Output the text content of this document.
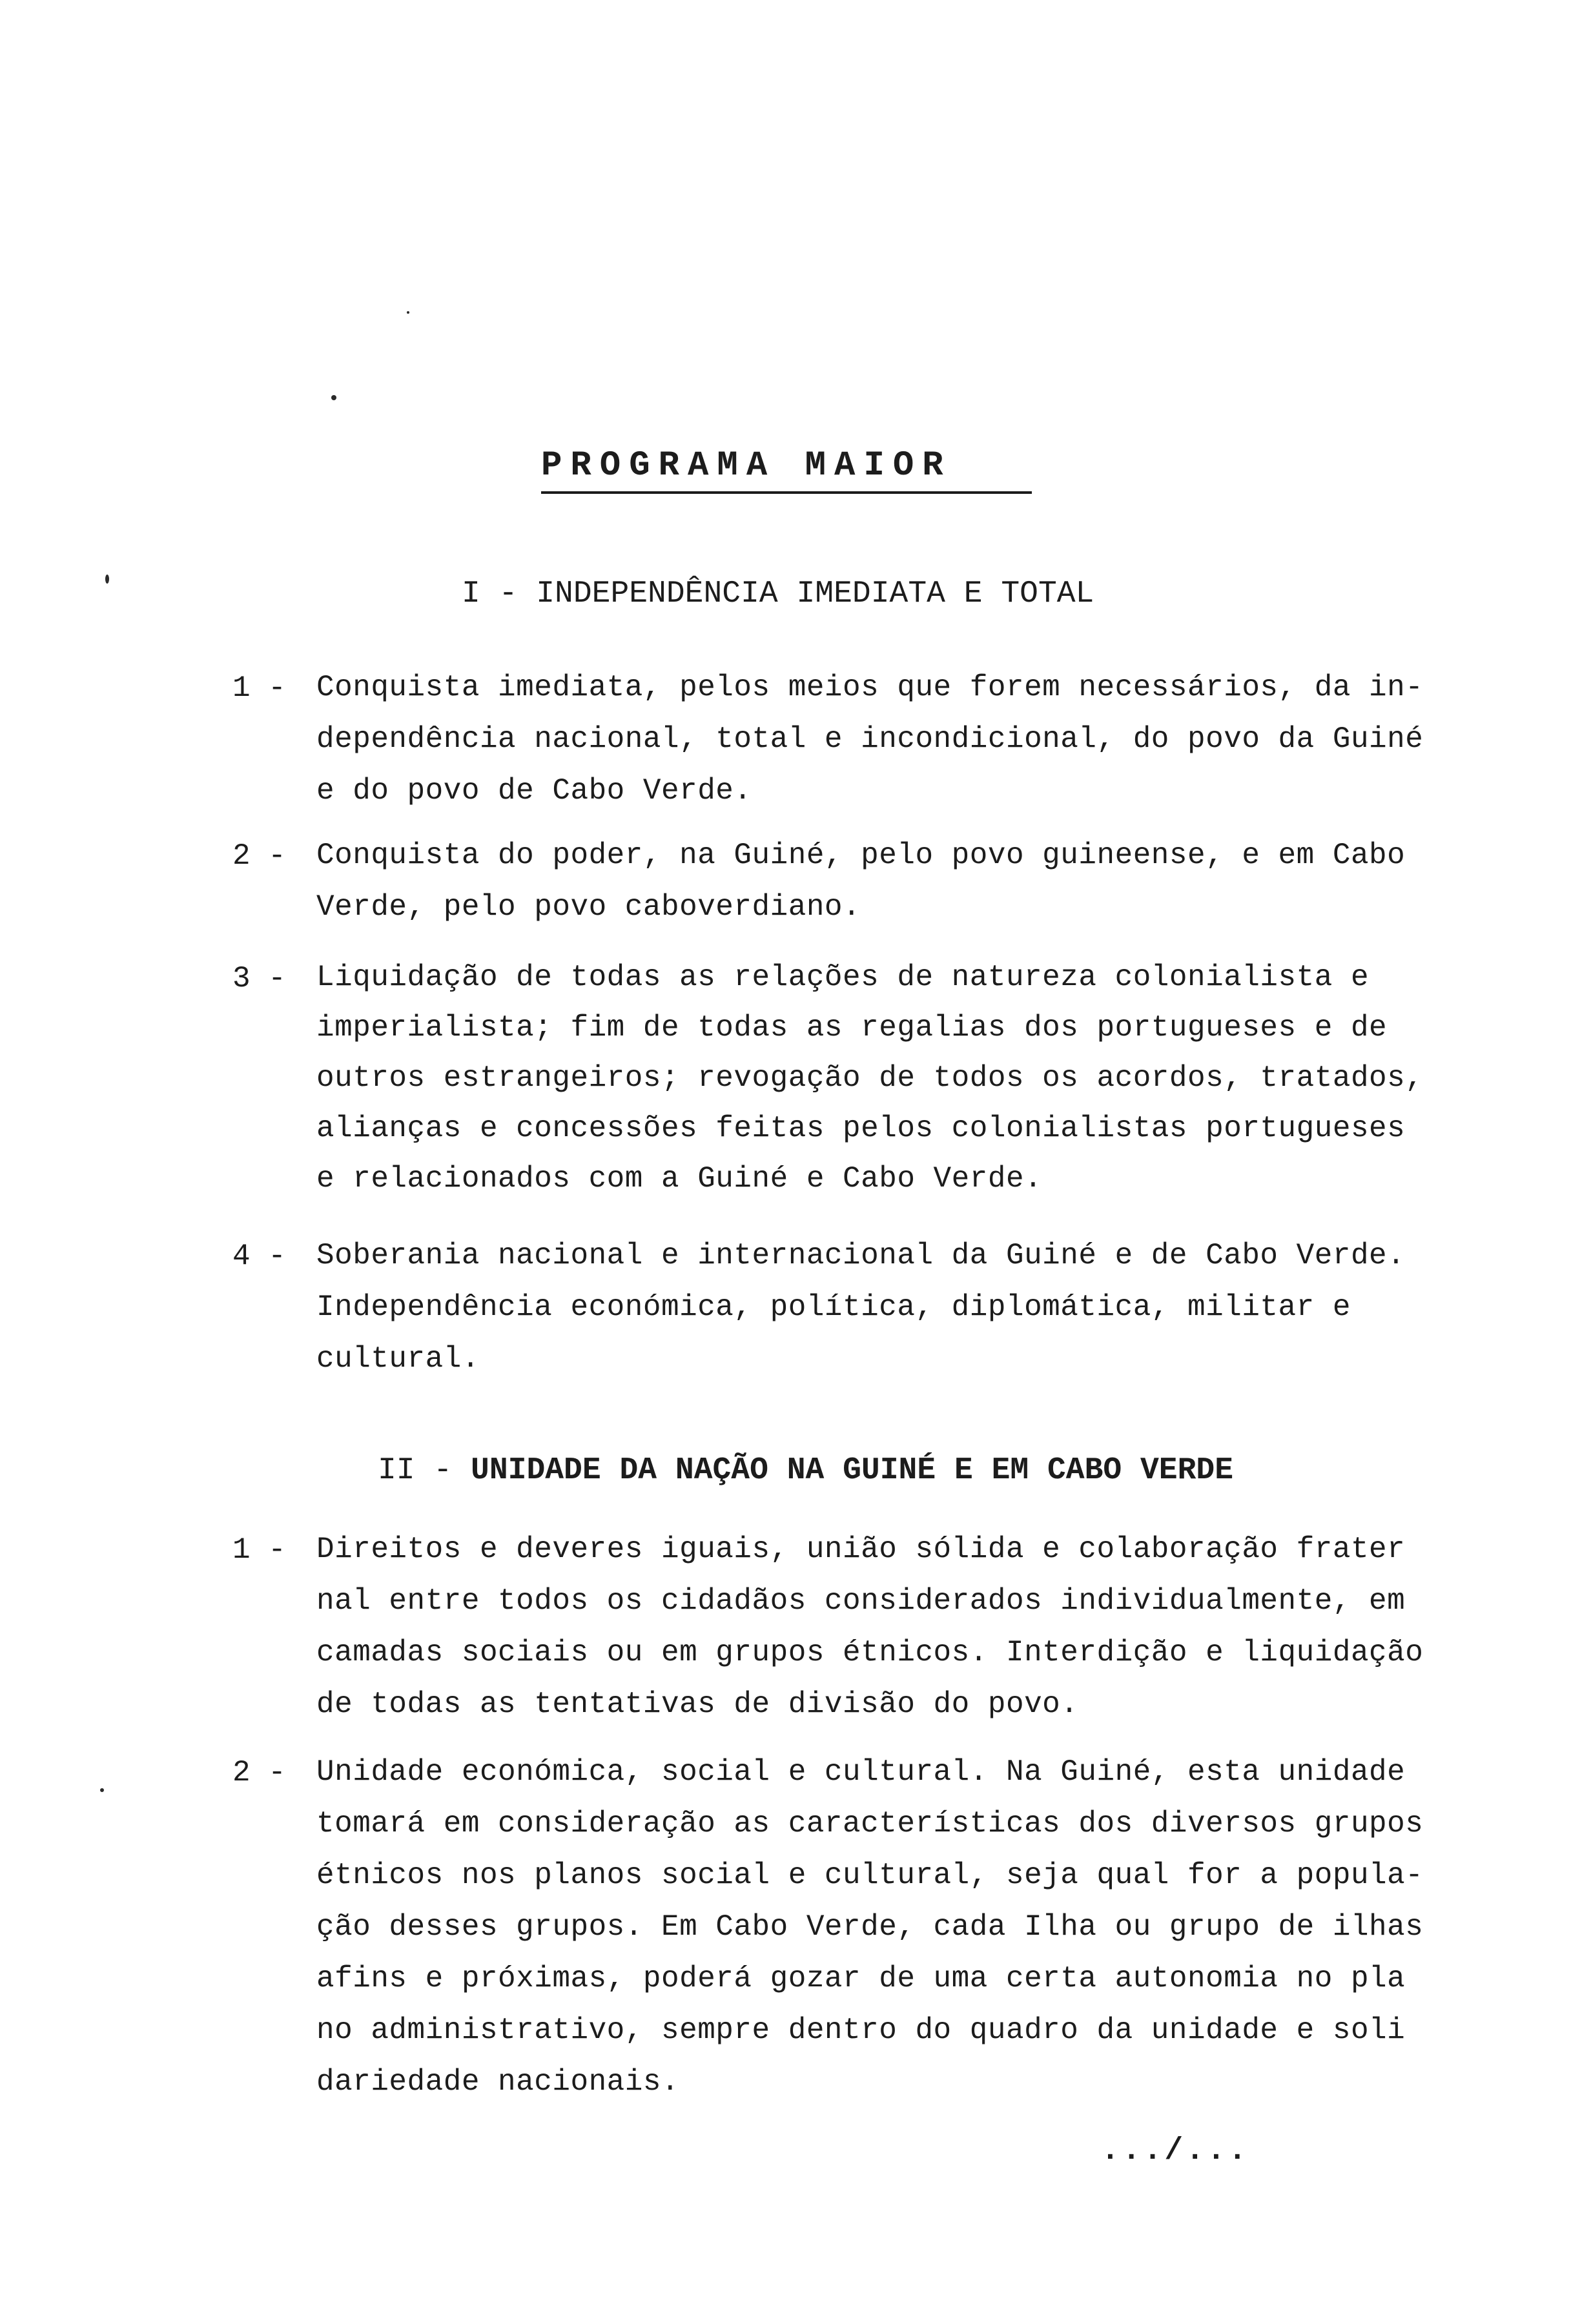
PROGRAMA MAIOR
I - INDEPENDÊNCIA IMEDIATA E TOTAL
1 - Conquista imediata, pelos meios que forem necessários, da in-
dependência nacional, total e incondicional, do povo da Guiné
e do povo de Cabo Verde.
2 - Conquista do poder, na Guiné, pelo povo guineense, e em Cabo
Verde, pelo povo caboverdiano.
3 - Liquidação de todas as relações de natureza colonialista e
imperialista; fim de todas as regalias dos portugueses e de
outros estrangeiros; revogação de todos os acordos, tratados,
alianças e concessões feitas pelos colonialistas portugueses
e relacionados com a Guiné e Cabo Verde.
4 - Soberania nacional e internacional da Guiné e de Cabo Verde.
Independência económica, política, diplomática, militar e
cultural.
II - UNIDADE DA NAÇÃO NA GUINÉ E EM CABO VERDE
1 - Direitos e deveres iguais, união sólida e colaboração frater
nal entre todos os cidadãos considerados individualmente, em
camadas sociais ou em grupos étnicos. Interdição e liquidação
de todas as tentativas de divisão do povo.
2 - Unidade económica, social e cultural. Na Guiné, esta unidade
tomará em consideração as características dos diversos grupos
étnicos nos planos social e cultural, seja qual for a popula-
ção desses grupos. Em Cabo Verde, cada Ilha ou grupo de ilhas
afins e próximas, poderá gozar de uma certa autonomia no pla
no administrativo, sempre dentro do quadro da unidade e soli
dariedade nacionais.
.../...
